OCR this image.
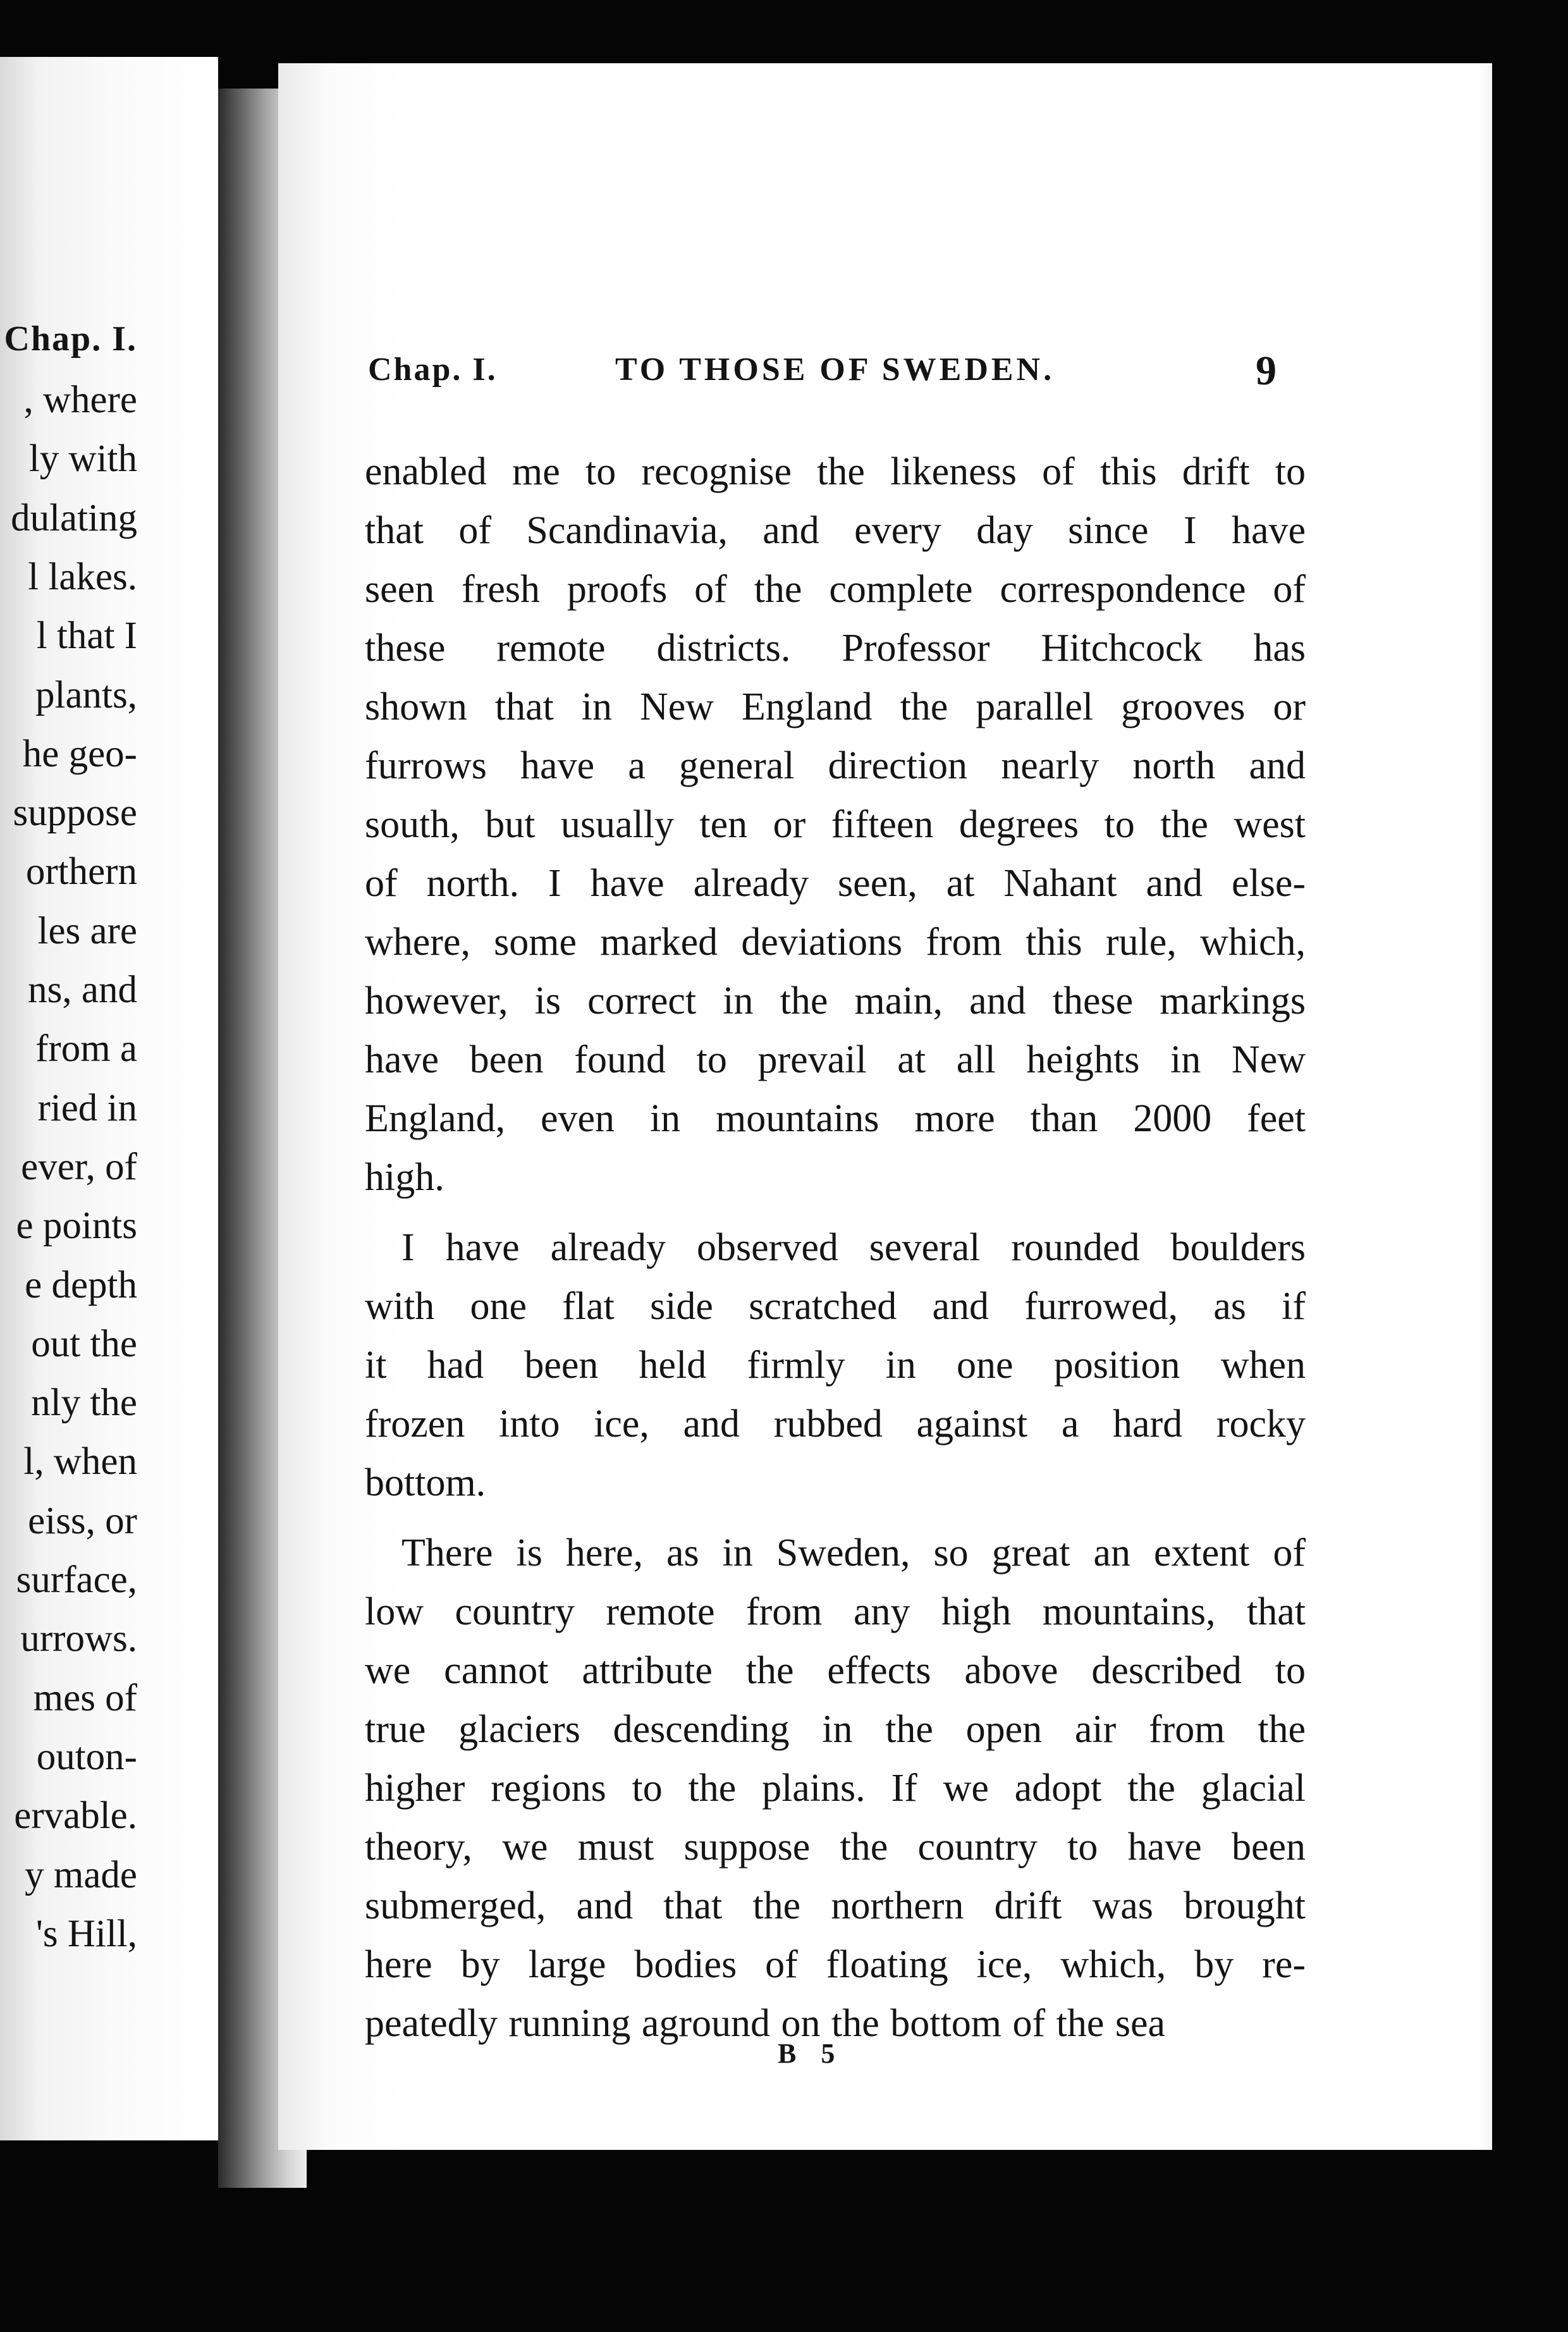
Chap. I.

, where

ly with

dulating

l lakes.

l that I

plants,

he geo-

suppose

orthern

les are

ns, and

from a

ried in

ever, of

e points

e depth

out the

nly the

l, when

eiss, or

surface,

urrows.

mes of

outon-

ervable.

y made

's Hill,

Chap. I.	TO THOSE OF SWEDEN.	9
enabled me to recognise the likeness of this drift to
that of Scandinavia, and every day since I have
seen fresh proofs of the complete correspondence of
these remote districts. Professor Hitchcock has
shown that in New England the parallel grooves or
furrows have a general direction nearly north and
south, but usually ten or fifteen degrees to the west
of north. I have already seen, at Nahant and else-
where, some marked deviations from this rule, which,
however, is correct in the main, and these markings
have been found to prevail at all heights in New
England, even in mountains more than 2000 feet
high.
I have already observed several rounded boulders
with one flat side scratched and furrowed, as if
it had been held firmly in one position when
frozen into ice, and rubbed against a hard rocky
bottom.
There is here, as in Sweden, so great an extent of
low country remote from any high mountains, that
we cannot attribute the effects above described to
true glaciers descending in the open air from the
higher regions to the plains. If we adopt the glacial
theory, we must suppose the country to have been
submerged, and that the northern drift was brought
here by large bodies of floating ice, which, by re-
peatedly running aground on the bottom of the sea
B 5
